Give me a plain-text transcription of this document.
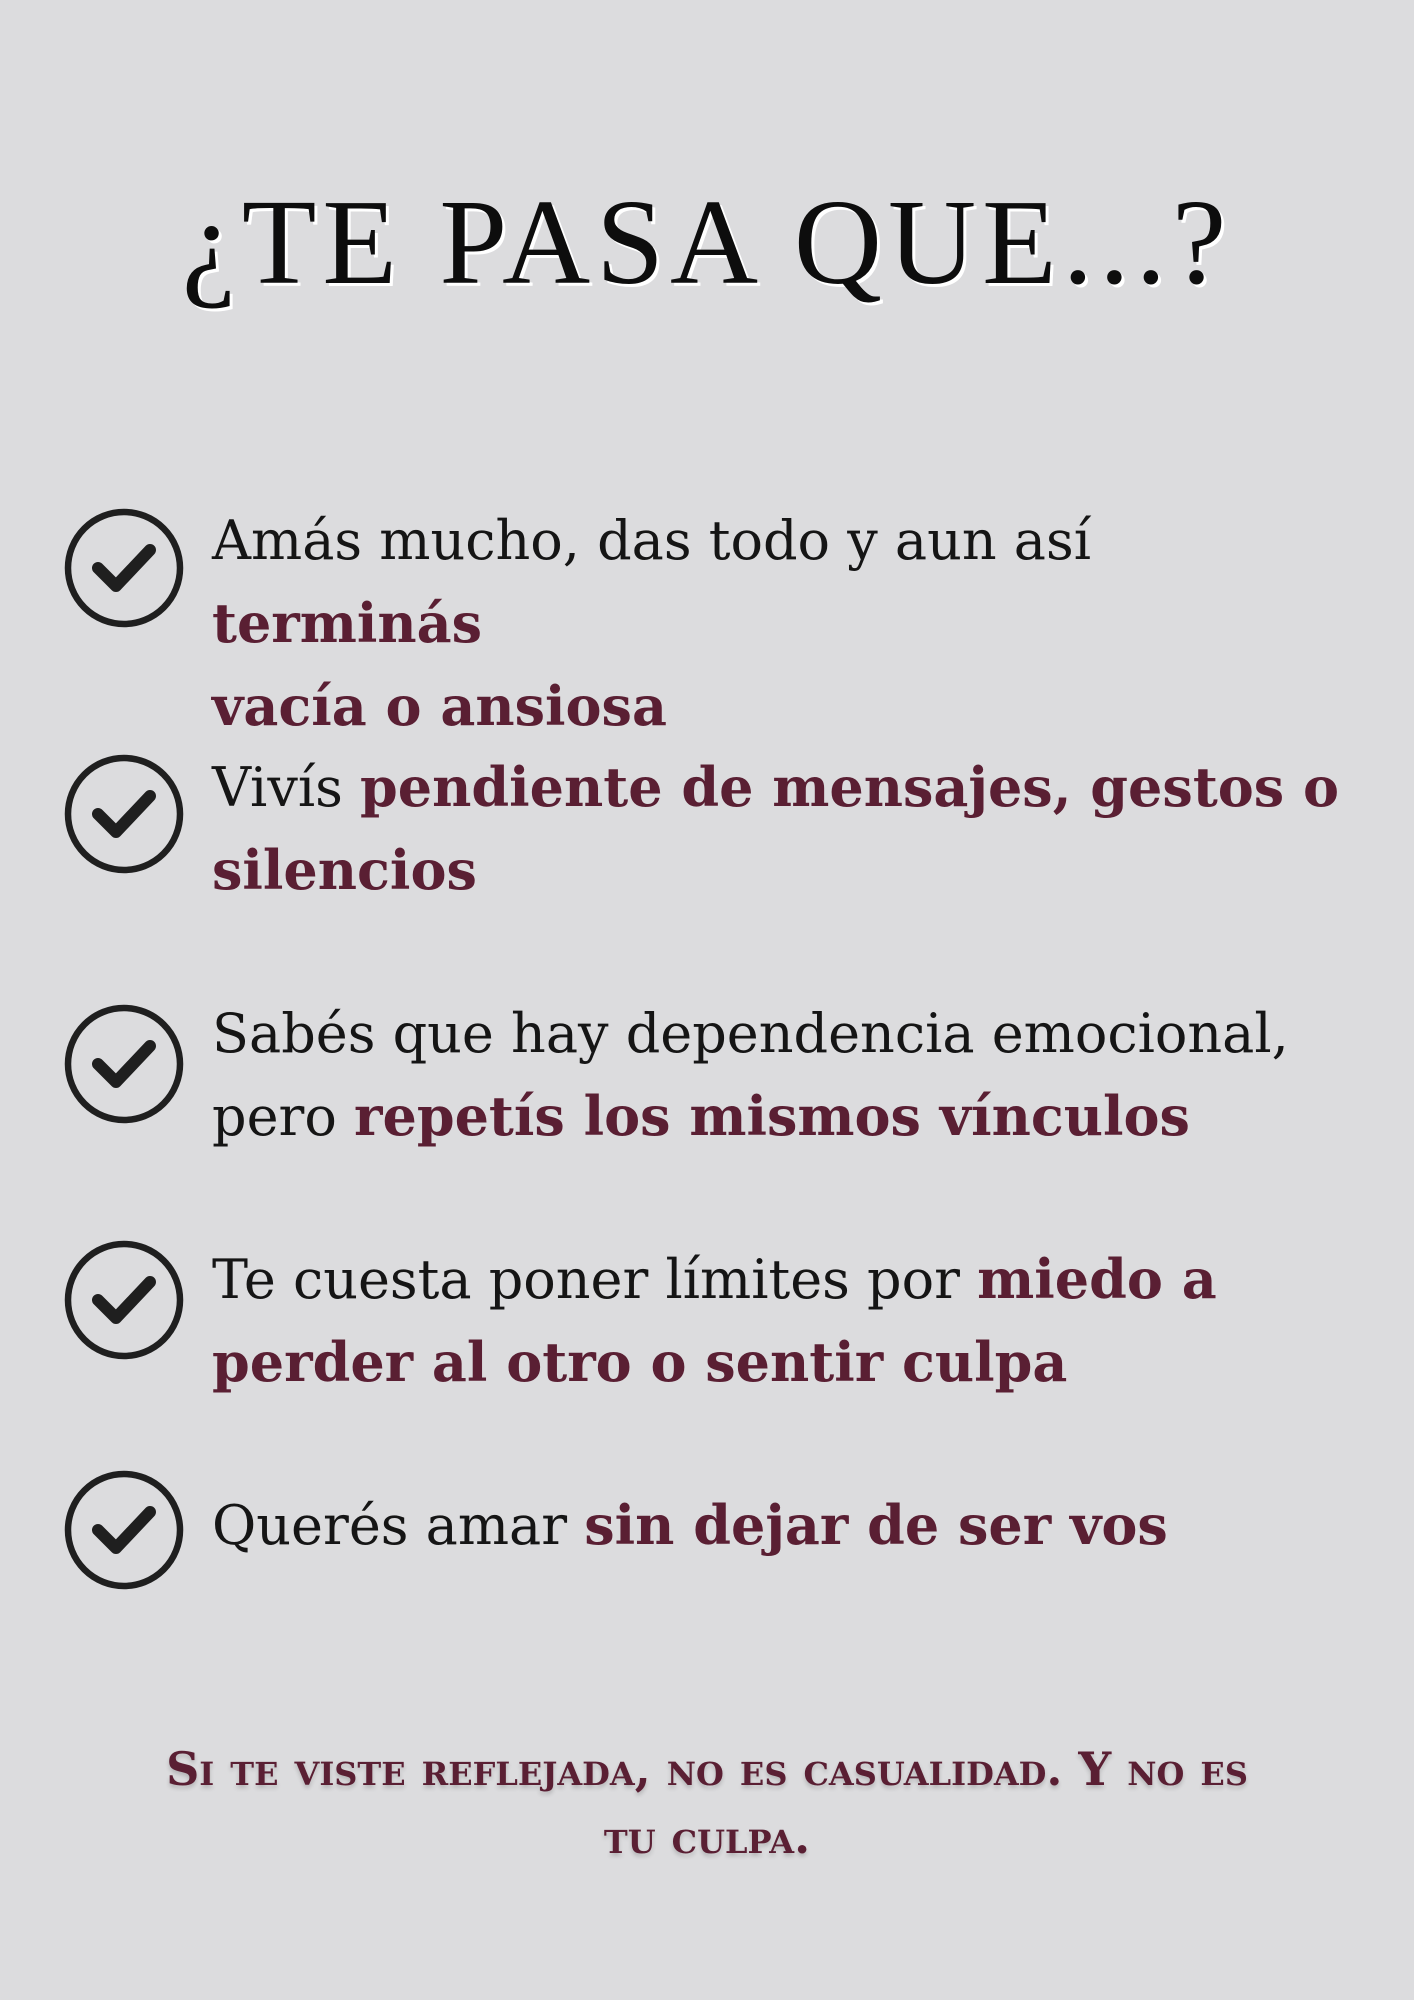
¿TE PASA QUE...?
Amás mucho, das todo y aun así terminás
vacía o ansiosa
Vivís pendiente de mensajes, gestos o
silencios
Sabés que hay dependencia emocional,
pero repetís los mismos vínculos
Te cuesta poner límites por miedo a
perder al otro o sentir culpa
Querés amar sin dejar de ser vos
Si te viste reflejada, no es casualidad. Y no es
tu culpa.
